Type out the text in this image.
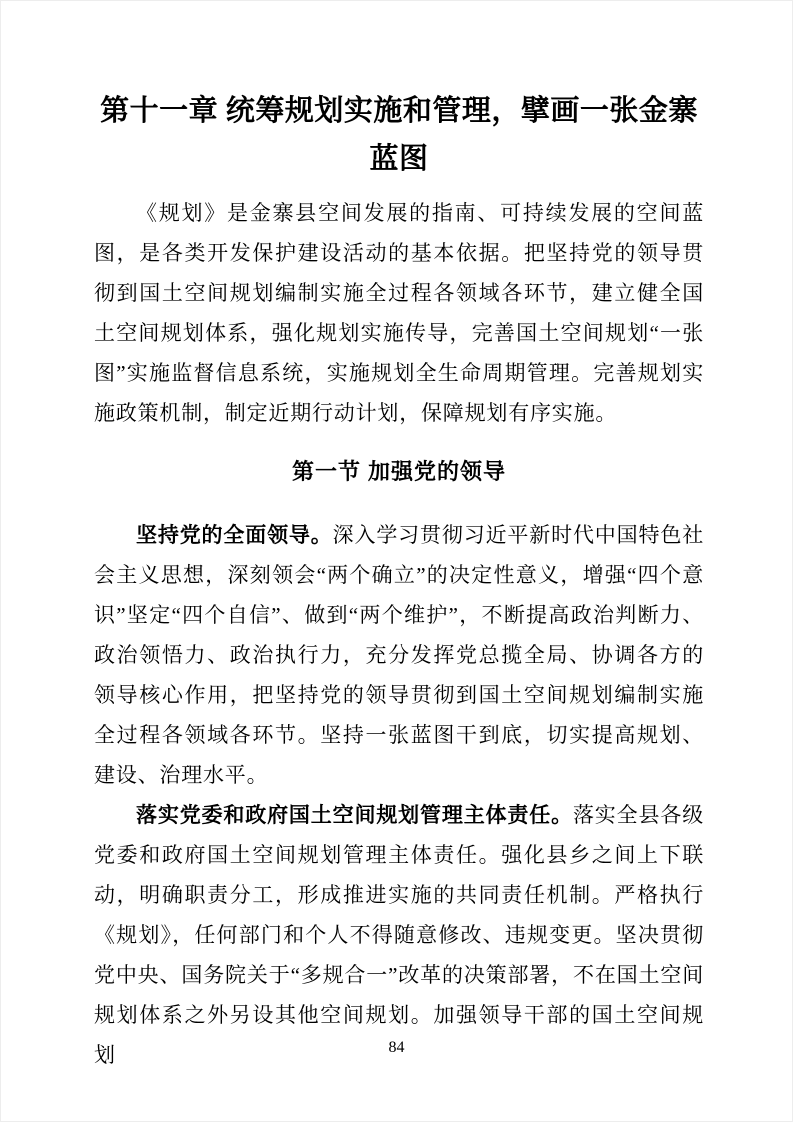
第十一章 统筹规划实施和管理，擘画一张金寨蓝图

《规划》是金寨县空间发展的指南、可持续发展的空间蓝图，是各类开发保护建设活动的基本依据。把坚持党的领导贯彻到国土空间规划编制实施全过程各领域各环节，建立健全国土空间规划体系，强化规划实施传导，完善国土空间规划“一张图”实施监督信息系统，实施规划全生命周期管理。完善规划实施政策机制，制定近期行动计划，保障规划有序实施。

第一节 加强党的领导

坚持党的全面领导。深入学习贯彻习近平新时代中国特色社会主义思想，深刻领会“两个确立”的决定性意义，增强“四个意识”坚定“四个自信”、做到“两个维护”，不断提高政治判断力、政治领悟力、政治执行力，充分发挥党总揽全局、协调各方的领导核心作用，把坚持党的领导贯彻到国土空间规划编制实施全过程各领域各环节。坚持一张蓝图干到底，切实提高规划、建设、治理水平。

落实党委和政府国土空间规划管理主体责任。落实全县各级党委和政府国土空间规划管理主体责任。强化县乡之间上下联动，明确职责分工，形成推进实施的共同责任机制。严格执行《规划》，任何部门和个人不得随意修改、违规变更。坚决贯彻党中央、国务院关于“多规合一”改革的决策部署，不在国土空间规划体系之外另设其他空间规划。加强领导干部的国土空间规划	84
